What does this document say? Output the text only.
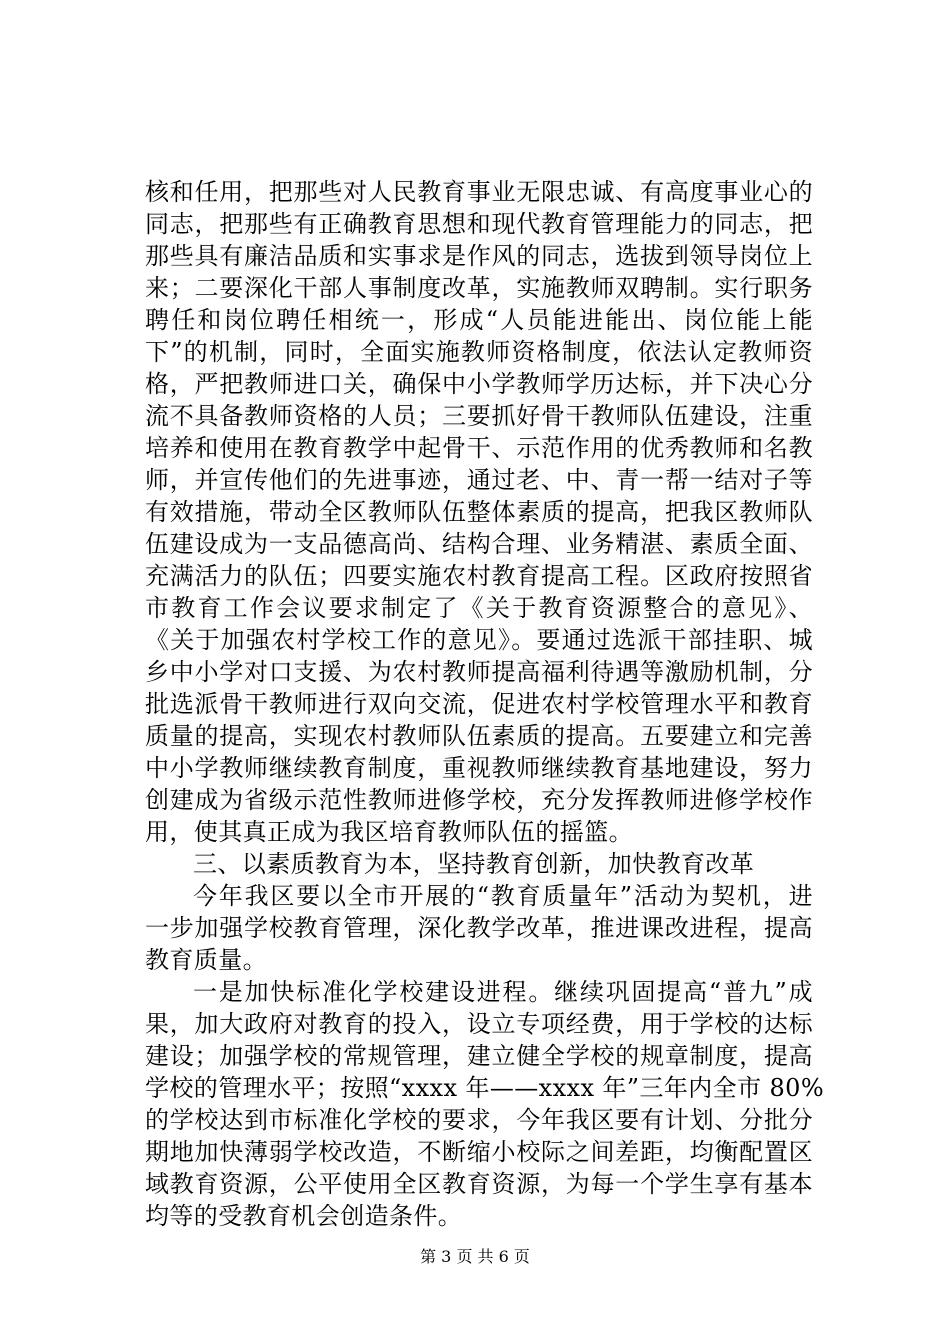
核和任用，把那些对人民教育事业无限忠诚、有高度事业心的
同志，把那些有正确教育思想和现代教育管理能力的同志，把
那些具有廉洁品质和实事求是作风的同志，选拔到领导岗位上
来；二要深化干部人事制度改革，实施教师双聘制。实行职务
聘任和岗位聘任相统一，形成“人员能进能出、岗位能上能
下”的机制，同时，全面实施教师资格制度，依法认定教师资
格，严把教师进口关，确保中小学教师学历达标，并下决心分
流不具备教师资格的人员；三要抓好骨干教师队伍建设，注重
培养和使用在教育教学中起骨干、示范作用的优秀教师和名教
师，并宣传他们的先进事迹，通过老、中、青一帮一结对子等
有效措施，带动全区教师队伍整体素质的提高，把我区教师队
伍建设成为一支品德高尚、结构合理、业务精湛、素质全面、
充满活力的队伍；四要实施农村教育提高工程。区政府按照省
市教育工作会议要求制定了《关于教育资源整合的意见》、
《关于加强农村学校工作的意见》。要通过选派干部挂职、城
乡中小学对口支援、为农村教师提高福利待遇等激励机制，分
批选派骨干教师进行双向交流，促进农村学校管理水平和教育
质量的提高，实现农村教师队伍素质的提高。五要建立和完善
中小学教师继续教育制度，重视教师继续教育基地建设，努力
创建成为省级示范性教师进修学校，充分发挥教师进修学校作
用，使其真正成为我区培育教师队伍的摇篮。
三、以素质教育为本，坚持教育创新，加快教育改革
今年我区要以全市开展的“教育质量年”活动为契机，进
一步加强学校教育管理，深化教学改革，推进课改进程，提高
教育质量。
一是加快标准化学校建设进程。继续巩固提高“普九”成
果，加大政府对教育的投入，设立专项经费，用于学校的达标
建设；加强学校的常规管理，建立健全学校的规章制度，提高
学校的管理水平；按照“xxxx 年——xxxx 年”三年内全市 80%
的学校达到市标准化学校的要求，今年我区要有计划、分批分
期地加快薄弱学校改造，不断缩小校际之间差距，均衡配置区
域教育资源，公平使用全区教育资源，为每一个学生享有基本
均等的受教育机会创造条件。
第 3 页 共 6 页
